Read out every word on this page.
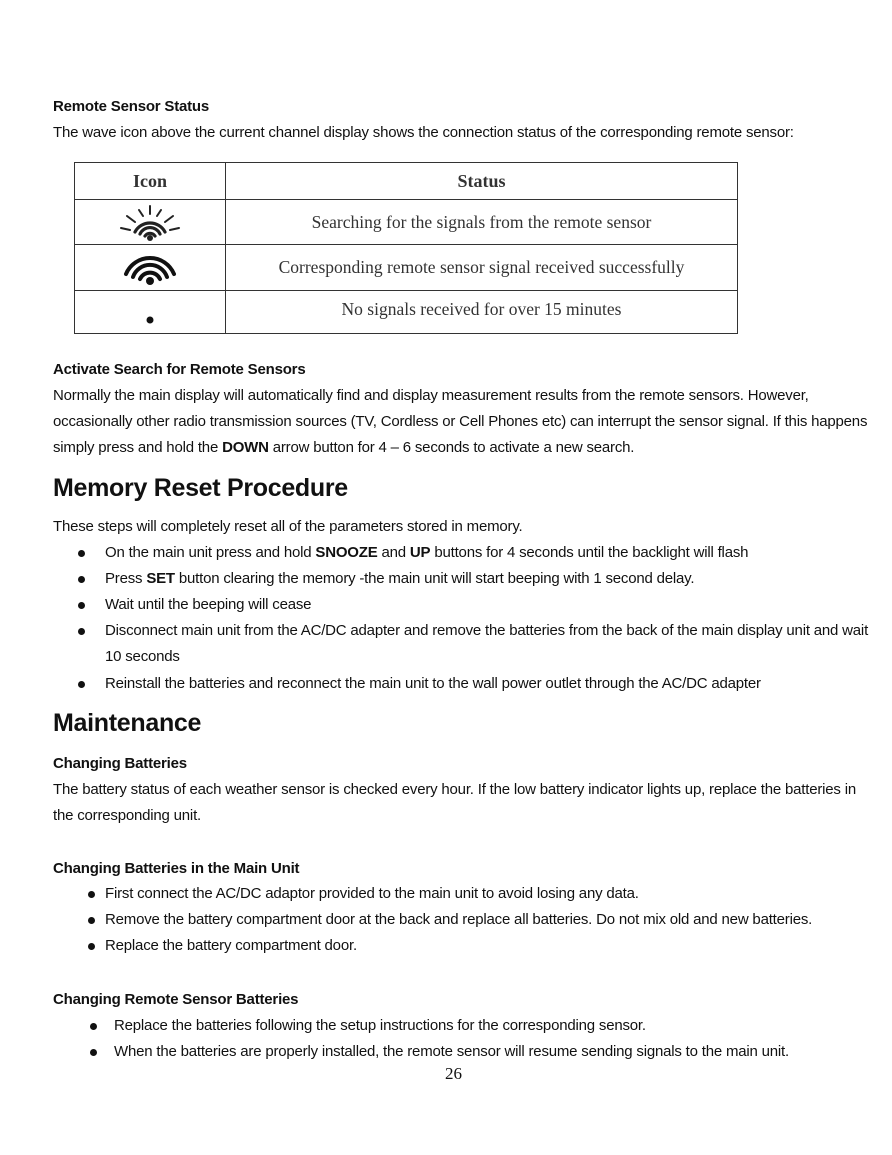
Remote Sensor Status
The wave icon above the current channel display shows the connection status of the corresponding remote sensor:
Icon	Status
Searching for the signals from the remote sensor
Corresponding remote sensor signal received successfully
No signals received for over 15 minutes
Activate Search for Remote Sensors
Normally the main display will automatically find and display measurement results from the remote sensors. However,
occasionally other radio transmission sources (TV, Cordless or Cell Phones etc) can interrupt the sensor signal. If this happens
simply press and hold the DOWN arrow button for 4 – 6 seconds to activate a new search.
Memory Reset Procedure
These steps will completely reset all of the parameters stored in memory.
On the main unit press and hold SNOOZE and UP buttons for 4 seconds until the backlight will flash
Press SET button clearing the memory -the main unit will start beeping with 1 second delay.
Wait until the beeping will cease
Disconnect main unit from the AC/DC adapter and remove the batteries from the back of the main display unit and wait
10 seconds
Reinstall the batteries and reconnect the main unit to the wall power outlet through the AC/DC adapter
Maintenance
Changing Batteries
The battery status of each weather sensor is checked every hour. If the low battery indicator lights up, replace the batteries in
the corresponding unit.
Changing Batteries in the Main Unit
First connect the AC/DC adaptor provided to the main unit to avoid losing any data.
Remove the battery compartment door at the back and replace all batteries. Do not mix old and new batteries.
Replace the battery compartment door.
Changing Remote Sensor Batteries
Replace the batteries following the setup instructions for the corresponding sensor.
When the batteries are properly installed, the remote sensor will resume sending signals to the main unit.
26
